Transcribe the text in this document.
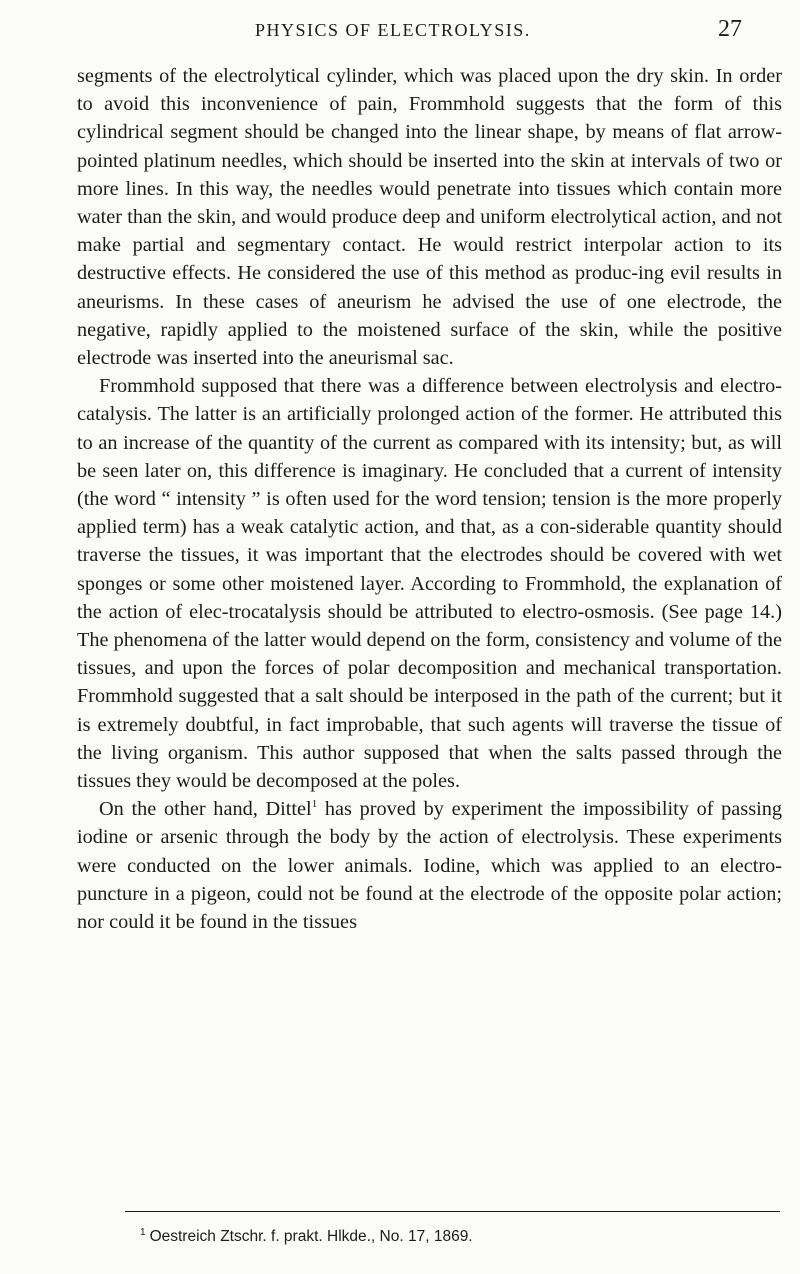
PHYSICS OF ELECTROLYSIS.	27

segments of the electrolytical cylinder, which was placed upon the dry skin. In order to avoid this inconvenience of pain, Frommhold suggests that the form of this cylindrical segment should be changed into the linear shape, by means of flat arrow-pointed platinum needles, which should be inserted into the skin at intervals of two or more lines. In this way, the needles would penetrate into tissues which contain more water than the skin, and would produce deep and uniform electrolytical action, and not make partial and segmentary contact. He would restrict interpolar action to its destructive effects. He considered the use of this method as produc-ing evil results in aneurisms. In these cases of aneurism he advised the use of one electrode, the negative, rapidly applied to the moistened surface of the skin, while the positive electrode was inserted into the aneurismal sac.

Frommhold supposed that there was a difference between electrolysis and electro-catalysis. The latter is an artificially prolonged action of the former. He attributed this to an increase of the quantity of the current as compared with its intensity; but, as will be seen later on, this difference is imaginary. He concluded that a current of intensity (the word “ intensity ” is often used for the word tension; tension is the more properly applied term) has a weak catalytic action, and that, as a con-siderable quantity should traverse the tissues, it was important that the electrodes should be covered with wet sponges or some other moistened layer. According to Frommhold, the explanation of the action of elec-trocatalysis should be attributed to electro-osmosis. (See page 14.) The phenomena of the latter would depend on the form, consistency and volume of the tissues, and upon the forces of polar decomposition and mechanical transportation. Frommhold suggested that a salt should be interposed in the path of the current; but it is extremely doubtful, in fact improbable, that such agents will traverse the tissue of the living organism. This author supposed that when the salts passed through the tissues they would be decomposed at the poles.

On the other hand, Dittel$^1$ has proved by experiment the impossibility of passing iodine or arsenic through the body by the action of electrolysis. These experiments were conducted on the lower animals. Iodine, which was applied to an electro-puncture in a pigeon, could not be found at the electrode of the opposite polar action; nor could it be found in the tissues

$^1$ Oestreich Ztschr. f. prakt. Hlkde., No. 17, 1869.
